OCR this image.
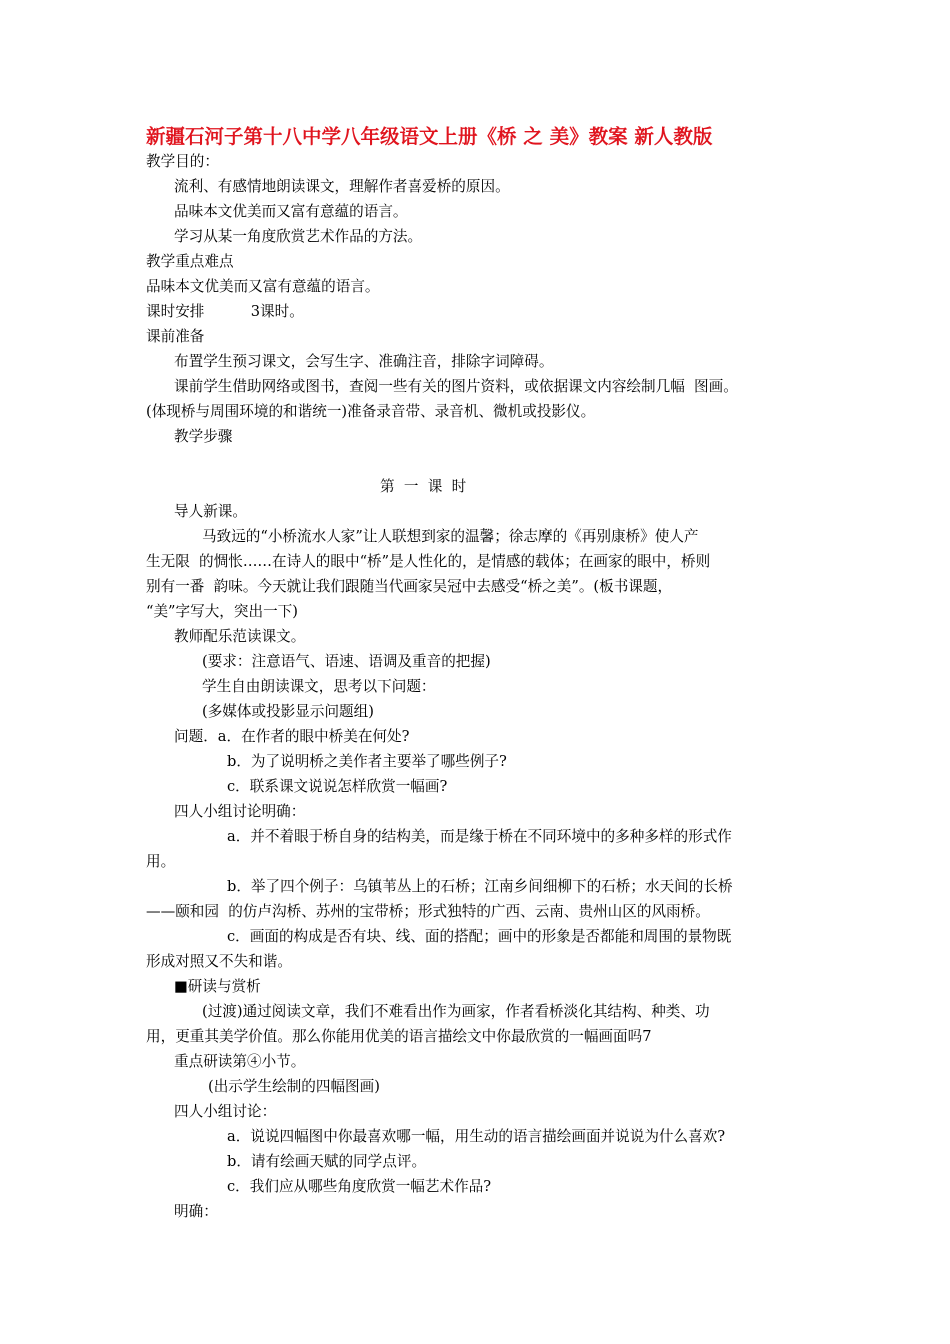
新疆石河子第十八中学八年级语文上册《桥 之 美》教案 新人教版
教学目的：
流利、有感情地朗读课文，理解作者喜爱桥的原因。
品味本文优美而又富有意蕴的语言。
学习从某一角度欣赏艺术作品的方法。
教学重点难点
品味本文优美而又富有意蕴的语言。
课时安排          3课时。
课前准备
布置学生预习课文，会写生字、准确注音，排除字词障碍。
课前学生借助网络或图书，查阅一些有关的图片资料，或依据课文内容绘制几幅  图画。
(体现桥与周围环境的和谐统一)准备录音带、录音机、微机或投影仪。
教学步骤
第  一  课  时
导人新课。
马致远的“小桥流水人家”让人联想到家的温馨；徐志摩的《再别康桥》使人产
生无限  的惆怅……在诗人的眼中“桥”是人性化的，是情感的载体；在画家的眼中，桥则
别有一番  韵味。今天就让我们跟随当代画家吴冠中去感受“桥之美”。(板书课题，
“美”字写大，突出一下)
教师配乐范读课文。
(要求：注意语气、语速、语调及重音的把握)
学生自由朗读课文，思考以下问题：
(多媒体或投影显示问题组)
问题．a．在作者的眼中桥美在何处?
b．为了说明桥之美作者主要举了哪些例子?
c．联系课文说说怎样欣赏一幅画?
四人小组讨论明确：
a．并不着眼于桥自身的结构美，而是缘于桥在不同环境中的多种多样的形式作
用。
b．举了四个例子：乌镇苇丛上的石桥；江南乡间细柳下的石桥；水天间的长桥
——颐和园  的仿卢沟桥、苏州的宝带桥；形式独特的广西、云南、贵州山区的风雨桥。
c．画面的构成是否有块、线、面的搭配；画中的形象是否都能和周围的景物既
形成对照又不失和谐。
■研读与赏析
(过渡)通过阅读文章，我们不难看出作为画家，作者看桥淡化其结构、种类、功
用，更重其美学价值。那么你能用优美的语言描绘文中你最欣赏的一幅画面吗7
重点研读第④小节。
(出示学生绘制的四幅图画)
四人小组讨论：
a．说说四幅图中你最喜欢哪一幅，用生动的语言描绘画面并说说为什么喜欢?
b．请有绘画天赋的同学点评。
c．我们应从哪些角度欣赏一幅艺术作品?
明确：
